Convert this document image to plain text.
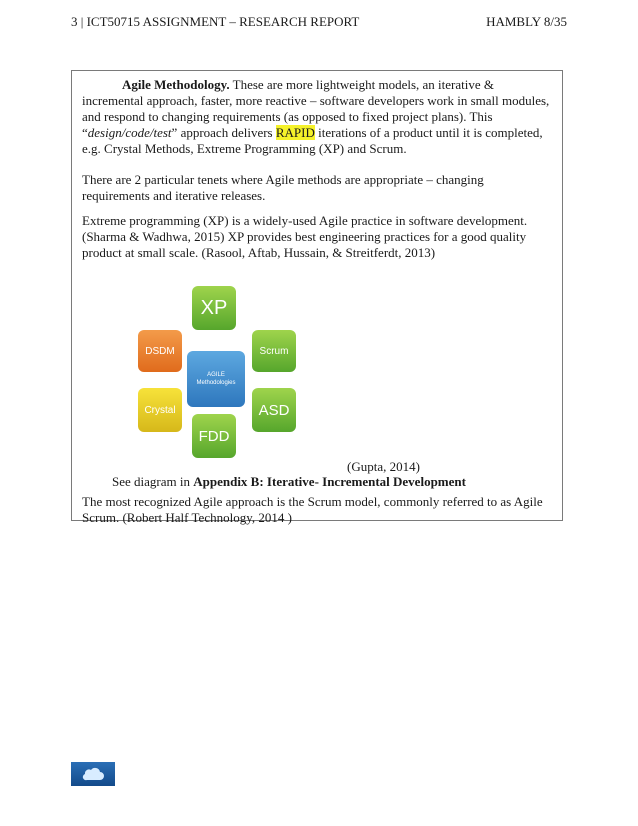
3 | ICT50715 ASSIGNMENT – RESEARCH REPORT	HAMBLY 8/35
Agile Methodology. These are more lightweight models, an iterative & incremental approach, faster, more reactive – software developers work in small modules, and respond to changing requirements (as opposed to fixed project plans). This “design/code/test” approach delivers RAPID iterations of a product until it is completed, e.g. Crystal Methods, Extreme Programming (XP) and Scrum.
There are 2 particular tenets where Agile methods are appropriate – changing requirements and iterative releases.
Extreme programming (XP) is a widely-used Agile practice in software development. (Sharma & Wadhwa, 2015) XP provides best engineering practices for a good quality product at small scale. (Rasool, Aftab, Hussain, & Streitferdt, 2013)
XP
DSDM	Scrum
AGILE
Methodologies
Crystal	ASD
FDD
(Gupta, 2014)
See diagram in Appendix B: Iterative- Incremental Development
The most recognized Agile approach is the Scrum model, commonly referred to as Agile Scrum. (Robert Half Technology, 2014 )
